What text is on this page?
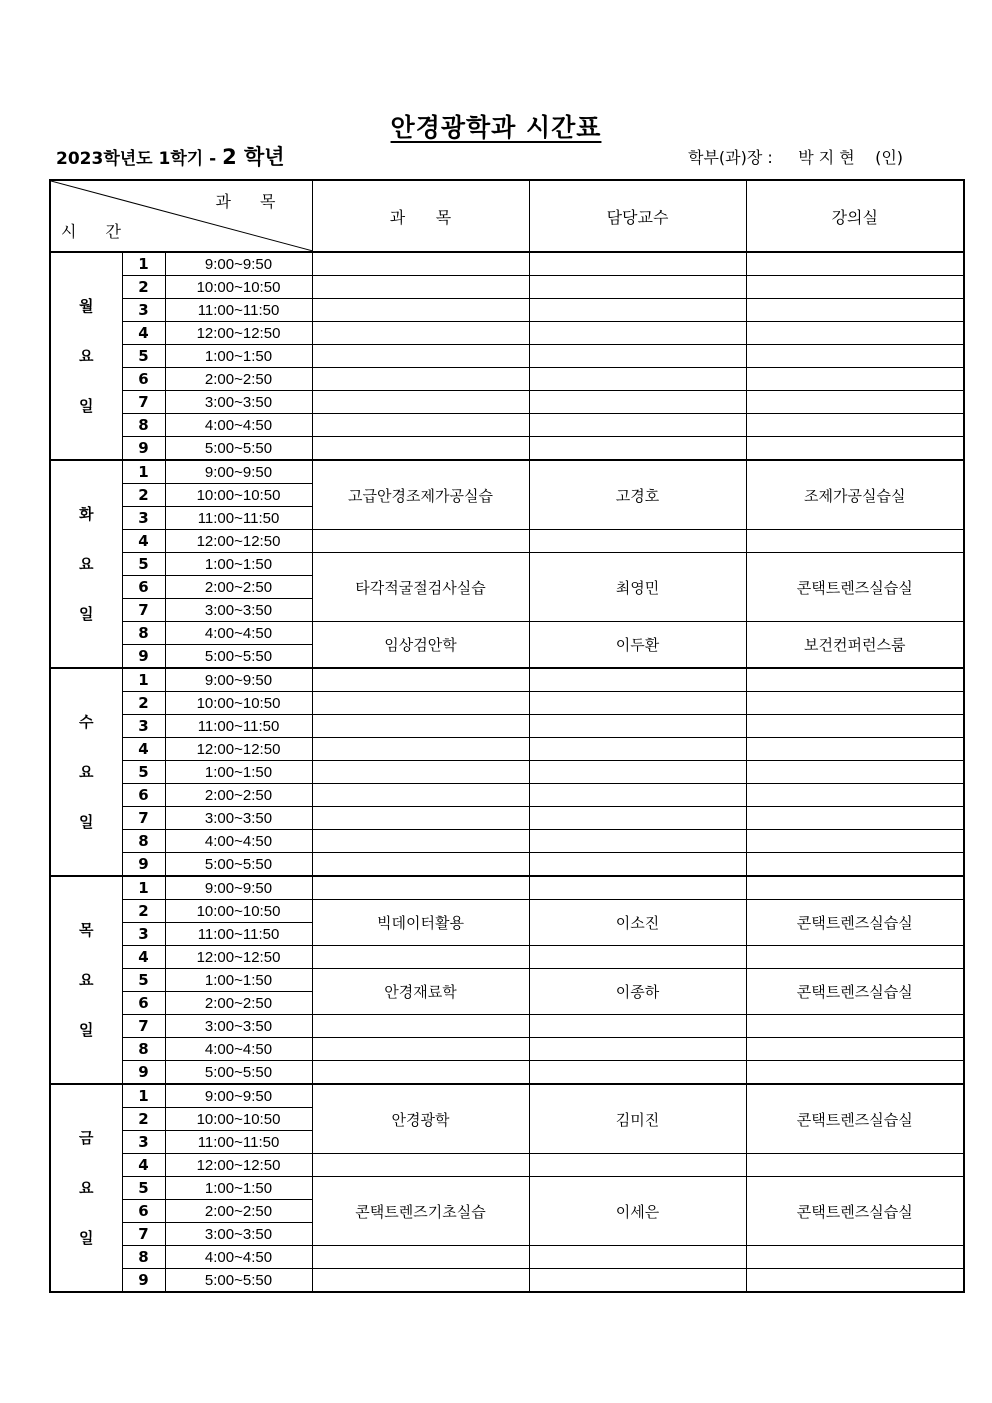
안경광학과 시간표
2023학년도 1학기 - 2 학년	학부(과)장 :     박 지 현    (인)
과 목
시 간			과      목	담당교수	강의실
월
요
일	1	9:00~9:50			
	2	10:00~10:50			
	3	11:00~11:50			
	4	12:00~12:50			
	5	1:00~1:50			
	6	2:00~2:50			
	7	3:00~3:50			
	8	4:00~4:50			
	9	5:00~5:50			
화
요
일	1	9:00~9:50	고급안경조제가공실습	고경호	조제가공실습실
	2	10:00~10:50			
	3	11:00~11:50			
	4	12:00~12:50			
	5	1:00~1:50	타각적굴절검사실습	최영민	콘택트렌즈실습실
	6	2:00~2:50			
	7	3:00~3:50			
	8	4:00~4:50	임상검안학	이두환	보건컨퍼런스룸
	9	5:00~5:50			
수
요
일	1	9:00~9:50			
	2	10:00~10:50			
	3	11:00~11:50			
	4	12:00~12:50			
	5	1:00~1:50			
	6	2:00~2:50			
	7	3:00~3:50			
	8	4:00~4:50			
	9	5:00~5:50			
목
요
일	1	9:00~9:50			
	2	10:00~10:50	빅데이터활용	이소진	콘택트렌즈실습실
	3	11:00~11:50			
	4	12:00~12:50			
	5	1:00~1:50	안경재료학	이종하	콘택트렌즈실습실
	6	2:00~2:50			
	7	3:00~3:50			
	8	4:00~4:50			
	9	5:00~5:50			
금
요
일	1	9:00~9:50	안경광학	김미진	콘택트렌즈실습실
	2	10:00~10:50			
	3	11:00~11:50			
	4	12:00~12:50			
	5	1:00~1:50	콘택트렌즈기초실습	이세은	콘택트렌즈실습실
	6	2:00~2:50			
	7	3:00~3:50			
	8	4:00~4:50			
	9	5:00~5:50			
